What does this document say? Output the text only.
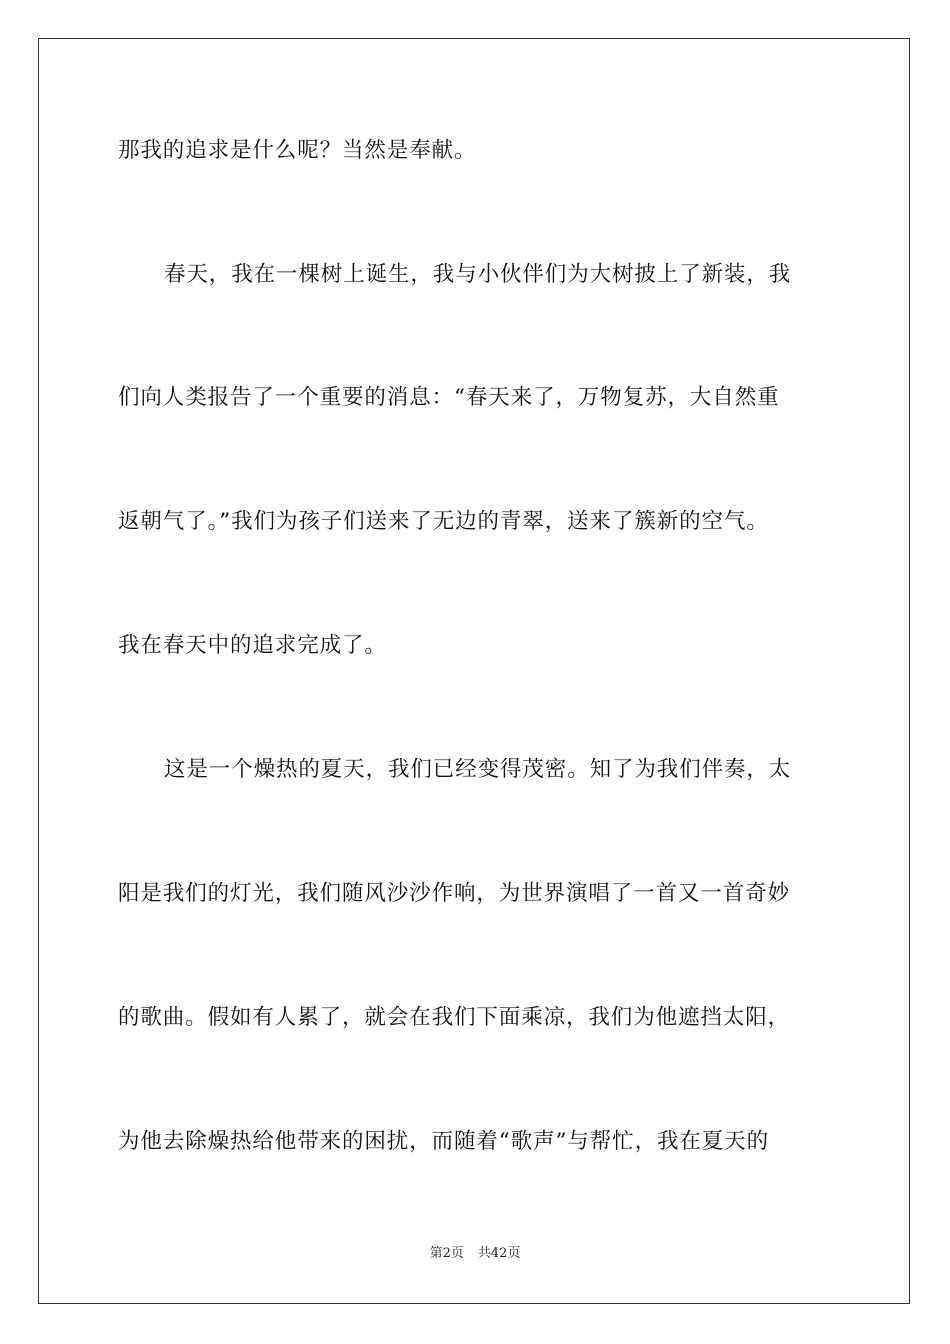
那我的追求是什么呢？当然是奉献。
春天，我在一棵树上诞生，我与小伙伴们为大树披上了新装，我
们向人类报告了一个重要的消息：“春天来了，万物复苏，大自然重
返朝气了。”我们为孩子们送来了无边的青翠，送来了簇新的空气。
我在春天中的追求完成了。
这是一个燥热的夏天，我们已经变得茂密。知了为我们伴奏，太
阳是我们的灯光，我们随风沙沙作响，为世界演唱了一首又一首奇妙
的歌曲。假如有人累了，就会在我们下面乘凉，我们为他遮挡太阳，
为他去除燥热给他带来的困扰，而随着“歌声”与帮忙，我在夏天的
第2页 共42页
